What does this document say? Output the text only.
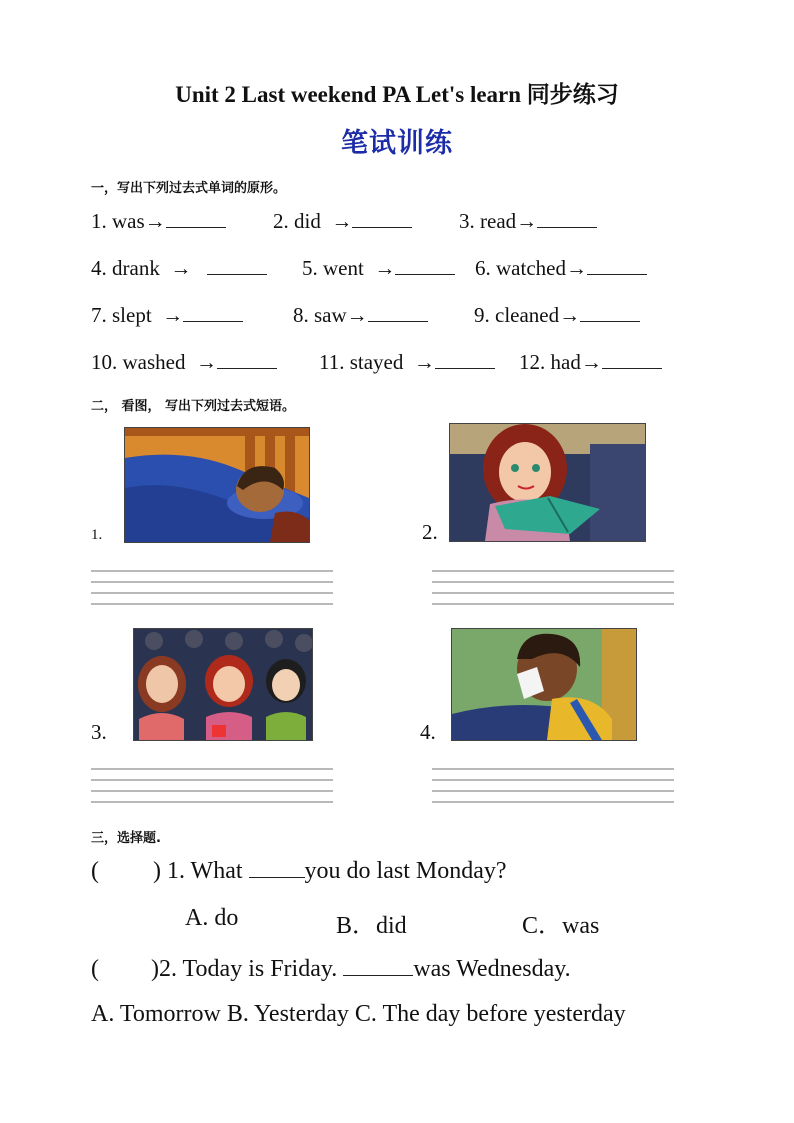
Unit 2 Last weekend PA Let's learn 同步练习
笔试训练
一，写出下列过去式单词的原形。
1. was→	2. did →	3. read→
4. drank →	5. went →	6. watched→
7. slept →	8. saw→	9. cleaned→
10. washed →	11. stayed →	12. had→
二， 看图， 写出下列过去式短语。
1.	2.
3.	4.
三，选择题.
( ) 1. What	you do last Monday?
A. do	B．did	C．was
( )2. Today is Friday.	was Wednesday.
A. Tomorrow B. Yesterday C. The day before yesterday
